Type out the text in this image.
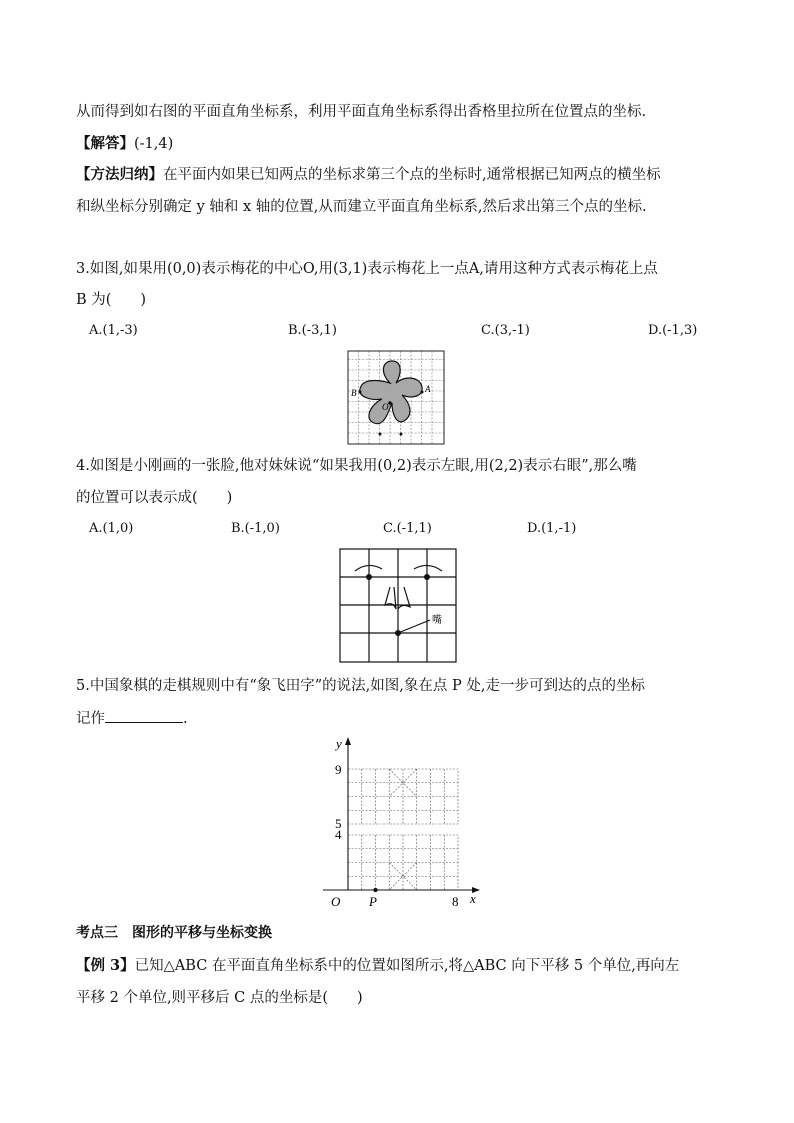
从而得到如右图的平面直角坐标系，利用平面直角坐标系得出香格里拉所在位置点的坐标.
【解答】(-1,4)
【方法归纳】在平面内如果已知两点的坐标求第三个点的坐标时,通常根据已知两点的横坐标
和纵坐标分别确定 y 轴和 x 轴的位置,从而建立平面直角坐标系,然后求出第三个点的坐标.
3.如图,如果用(0,0)表示梅花的中心O,用(3,1)表示梅花上一点A,请用这种方式表示梅花上点
B 为(　　)
A.(1,-3)	B.(-3,1)	C.(3,-1)	D.(-1,3)
O
A
B
4.如图是小刚画的一张脸,他对妹妹说“如果我用(0,2)表示左眼,用(2,2)表示右眼”,那么嘴
的位置可以表示成(　　)
A.(1,0)	B.(-1,0)	C.(-1,1)	D.(1,-1)
嘴
5.中国象棋的走棋规则中有“象飞田字”的说法,如图,象在点 P 处,走一步可到达的点的坐标
记作	.
y
x
O P
9
5
4
8
考点三　图形的平移与坐标变换
【例 3】已知△ABC 在平面直角坐标系中的位置如图所示,将△ABC 向下平移 5 个单位,再向左
平移 2 个单位,则平移后 C 点的坐标是(　　)
